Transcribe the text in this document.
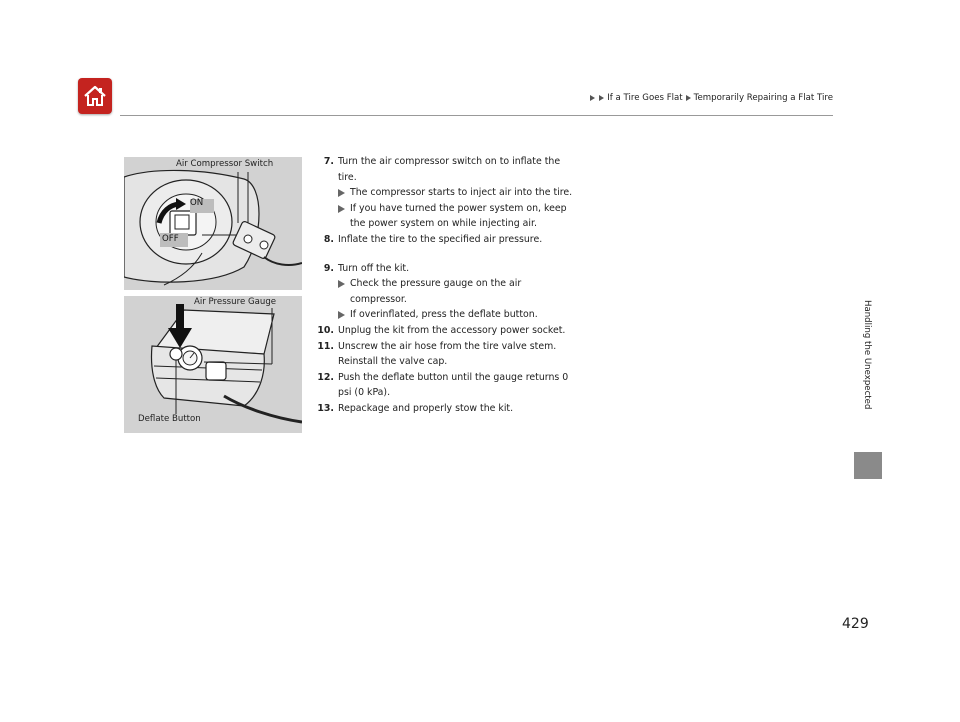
If a Tire Goes Flat Temporarily Repairing a Flat Tire
Handling the Unexpected
Air Compressor Switch
ON
OFF
Air Pressure Gauge
Deflate Button
7. Turn the air compressor switch on to inflate the tire.
The compressor starts to inject air into the tire.
If you have turned the power system on, keep the power system on while injecting air.
8. Inflate the tire to the specified air pressure.
9. Turn off the kit.
Check the pressure gauge on the air compressor.
If overinflated, press the deflate button.
10. Unplug the kit from the accessory power socket.
11. Unscrew the air hose from the tire valve stem. Reinstall the valve cap.
12. Push the deflate button until the gauge returns 0 psi (0 kPa).
13. Repackage and properly stow the kit.
429
